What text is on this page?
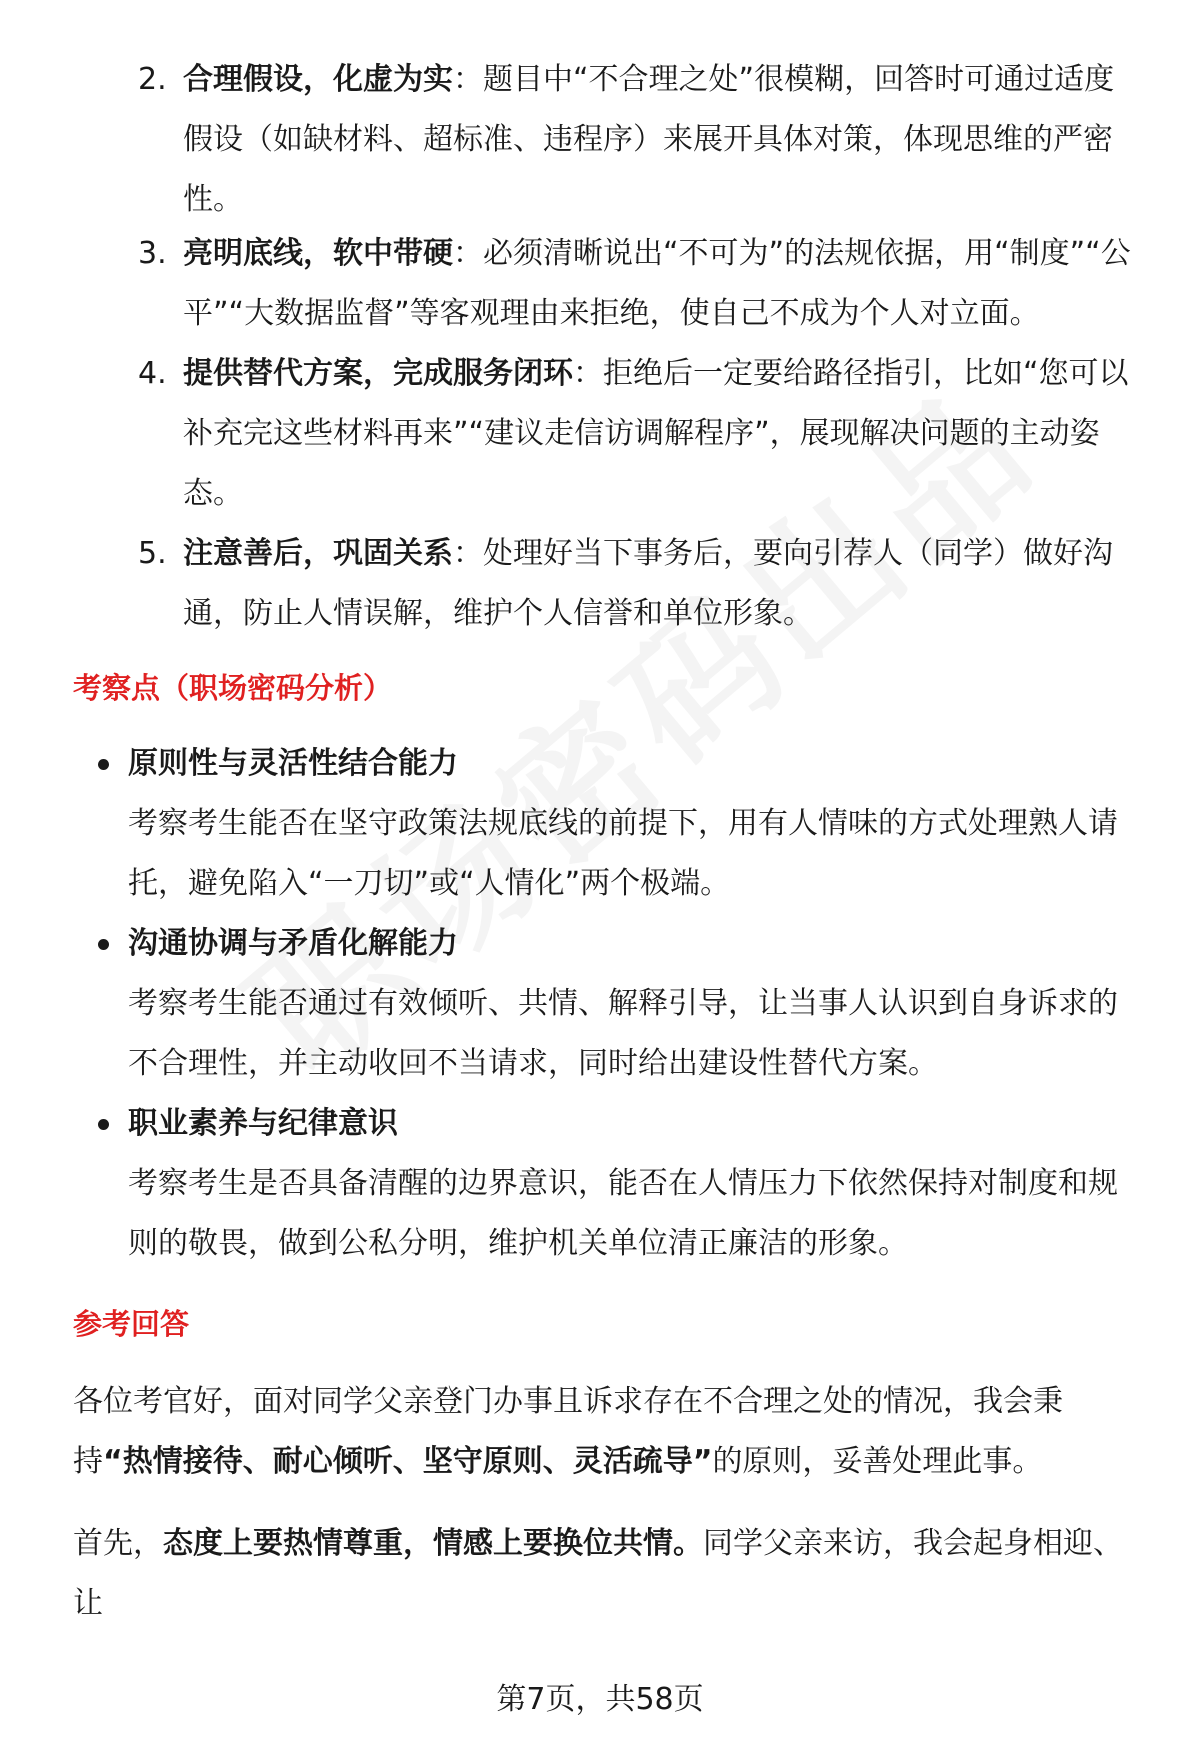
2. 合理假设，化虚为实：题目中“不合理之处”很模糊，回答时可通过适度假设（如缺材料、超标准、违程序）来展开具体对策，体现思维的严密性。
3. 亮明底线，软中带硬：必须清晰说出“不可为”的法规依据，用“制度”“公平”“大数据监督”等客观理由来拒绝，使自己不成为个人对立面。
4. 提供替代方案，完成服务闭环：拒绝后一定要给路径指引，比如“您可以补充完这些材料再来”“建议走信访调解程序”，展现解决问题的主动姿态。
5. 注意善后，巩固关系：处理好当下事务后，要向引荐人（同学）做好沟通，防止人情误解，维护个人信誉和单位形象。
考察点（职场密码分析）
原则性与灵活性结合能力
考察考生能否在坚守政策法规底线的前提下，用有人情味的方式处理熟人请托，避免陷入“一刀切”或“人情化”两个极端。
沟通协调与矛盾化解能力
考察考生能否通过有效倾听、共情、解释引导，让当事人认识到自身诉求的不合理性，并主动收回不当请求，同时给出建设性替代方案。
职业素养与纪律意识
考察考生是否具备清醒的边界意识，能否在人情压力下依然保持对制度和规则的敬畏，做到公私分明，维护机关单位清正廉洁的形象。
参考回答
各位考官好，面对同学父亲登门办事且诉求存在不合理之处的情况，我会秉持“热情接待、耐心倾听、坚守原则、灵活疏导”的原则，妥善处理此事。
首先，态度上要热情尊重，情感上要换位共情。同学父亲来访，我会起身相迎、让
第7页，共58页
